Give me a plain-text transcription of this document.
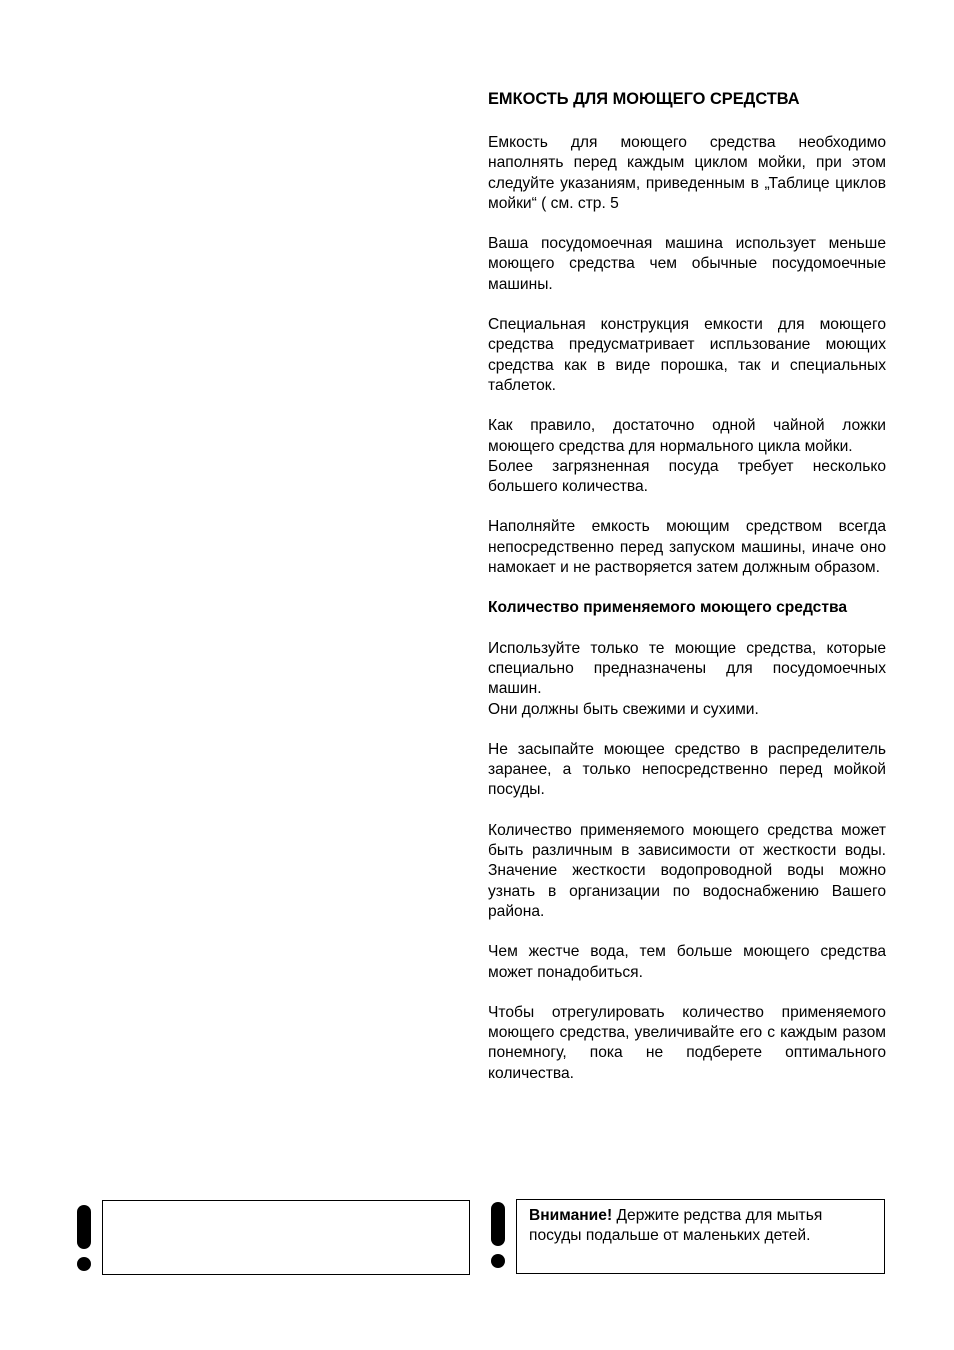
ЕМКОСТЬ ДЛЯ МОЮЩЕГО СРЕДСТВА
Емкость для моющего средства необходимо наполнять перед каждым циклом мойки, при этом следуйте указаниям, приведенным в „Таблице циклов мойки“ ( см. стр. 5
Ваша посудомоечная машина использует меньше моющего средства чем обычные посудомоечные машины.
Специальная конструкция емкости для моющего средства предусматривает испльзование моющих средства как в виде порошка, так и специальных таблеток.
Как правило, достаточно одной чайной ложки моющего средства для нормального цикла мойки.
Более загрязненная посуда требует несколько большего количества.
Наполняйте емкость моющим средством всегда непосредственно перед запуском машины, иначе оно намокает и не растворяется затем должным образом.
Количество применяемого моющего средства
Используйте только те моющие средства, которые специально предназначены для посудомоечных машин.
Они должны быть свежими и сухими.
Не засыпайте моющее средство в распределитель заранее, а только непосредственно перед мойкой посуды.
Количество применяемого моющего средства может быть различным в зависимости от жесткости воды. Значение жесткости водопроводной воды можно узнать в организации по водоснабжению Вашего района.
Чем жестче вода, тем больше моющего средства может понадобиться.
Чтобы отрегулировать количество применяемого моющего средства, увеличивайте его с каждым разом понемногу, пока не подберете оптимального количества.
Внимание! Держите редства для мытья посуды подальше от маленьких детей.
